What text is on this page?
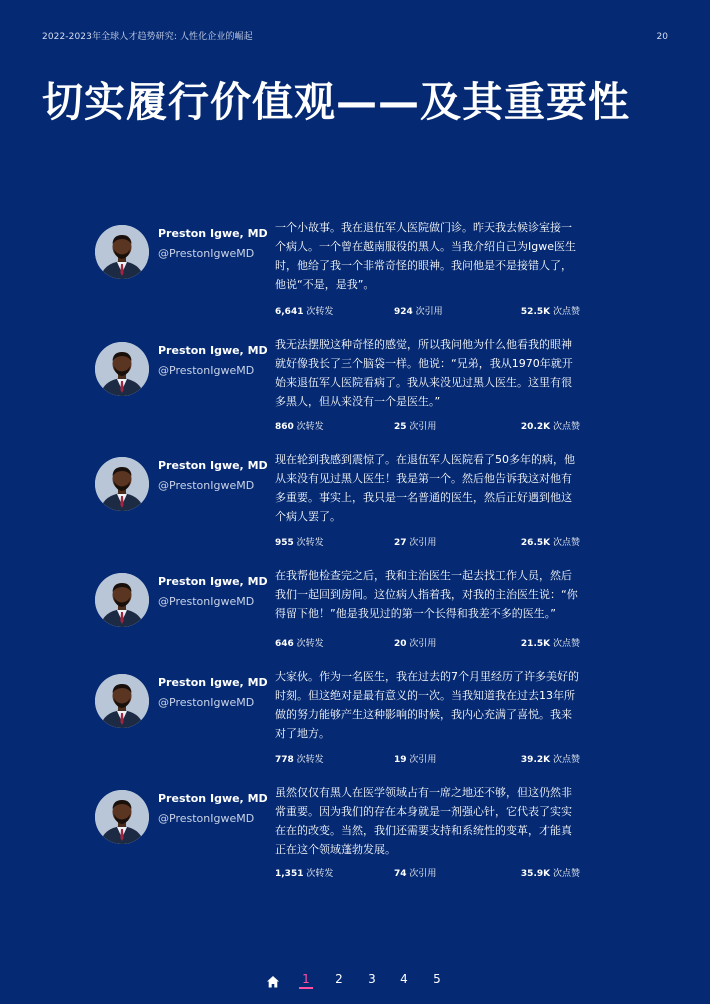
2022-2023年全球人才趋势研究: 人性化企业的崛起	20
切实履行价值观——及其重要性
Preston Igwe, MD
@PrestonIgweMD

一个小故事。我在退伍军人医院做门诊。昨天我去候诊室接一个病人。一个曾在越南服役的黑人。当我介绍自己为Igwe医生时，他给了我一个非常奇怪的眼神。我问他是不是接错人了，他说“不是，是我”。

6,641 次转发	924 次引用	52.5K 次点赞
Preston Igwe, MD
@PrestonIgweMD

我无法摆脱这种奇怪的感觉，所以我问他为什么他看我的眼神就好像我长了三个脑袋一样。他说：“兄弟，我从1970年就开始来退伍军人医院看病了。我从来没见过黑人医生。这里有很多黑人，但从来没有一个是医生。”

860 次转发	25 次引用	20.2K 次点赞
Preston Igwe, MD
@PrestonIgweMD

现在轮到我感到震惊了。在退伍军人医院看了50多年的病，他从来没有见过黑人医生！我是第一个。然后他告诉我这对他有多重要。事实上，我只是一名普通的医生，然后正好遇到他这个病人罢了。

955 次转发	27 次引用	26.5K 次点赞
Preston Igwe, MD
@PrestonIgweMD

在我帮他检查完之后，我和主治医生一起去找工作人员，然后我们一起回到房间。这位病人指着我，对我的主治医生说：“你得留下他！”他是我见过的第一个长得和我差不多的医生。”

646 次转发	20 次引用	21.5K 次点赞
Preston Igwe, MD
@PrestonIgweMD

大家伙。作为一名医生，我在过去的7个月里经历了许多美好的时刻。但这绝对是最有意义的一次。当我知道我在过去13年所做的努力能够产生这种影响的时候，我内心充满了喜悦。我来对了地方。

778 次转发	19 次引用	39.2K 次点赞
Preston Igwe, MD
@PrestonIgweMD

虽然仅仅有黑人在医学领域占有一席之地还不够，但这仍然非常重要。因为我们的存在本身就是一剂强心针，它代表了实实在在的改变。当然，我们还需要支持和系统性的变革，才能真正在这个领域蓬勃发展。

1,351 次转发	74 次引用	35.9K 次点赞
1 2 3 4 5
